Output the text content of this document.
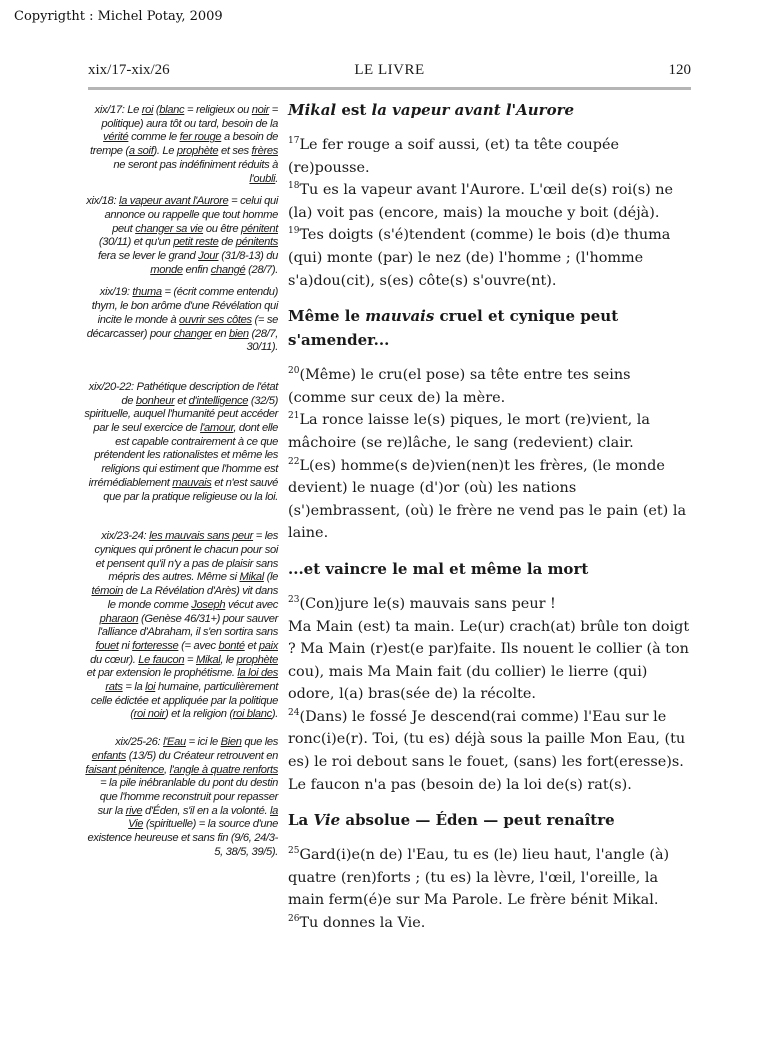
Copyrigtht : Michel Potay, 2009
xix/17-xix/26	LE LIVRE	120
xix/17: Le roi (blanc = religieux ou noir = politique) aura tôt ou tard, besoin de la vérité comme le fer rouge a besoin de trempe (a soif). Le prophète et ses frères ne seront pas indéfiniment réduits à l'oubli.
xix/18: la vapeur avant l'Aurore = celui qui annonce ou rappelle que tout homme peut changer sa vie ou être pénitent (30/11) et qu'un petit reste de pénitents fera se lever le grand Jour (31/8-13) du monde enfin changé (28/7).
xix/19: thuma = (écrit comme entendu) thym, le bon arôme d'une Révélation qui incite le monde à ouvrir ses côtes (= se décarcasser) pour changer en bien (28/7, 30/11).
xix/20-22: Pathétique description de l'état de bonheur et d'intelligence (32/5) spirituelle, auquel l'humanité peut accéder par le seul exercice de l'amour, dont elle est capable contrairement à ce que prétendent les rationalistes et même les religions qui estiment que l'homme est irrémédiablement mauvais et n'est sauvé que par la pratique religieuse ou la loi.
xix/23-24: les mauvais sans peur = les cyniques qui prônent le chacun pour soi et pensent qu'il n'y a pas de plaisir sans mépris des autres. Même si Mikal (le témoin de La Révélation d'Arès) vit dans le monde comme Joseph vécut avec pharaon (Genèse 46/31+) pour sauver l'alliance d'Abraham, il s'en sortira sans fouet ni forteresse (= avec bonté et paix du cœur). Le faucon = Mikal, le prophète et par extension le prophétisme. la loi des rats = la loi humaine, particulièrement celle édictée et appliquée par la politique (roi noir) et la religion (roi blanc).
xix/25-26: l'Eau = ici le Bien que les enfants (13/5) du Créateur retrouvent en faisant pénitence, l'angle à quatre renforts = la pile inébranlable du pont du destin que l'homme reconstruit pour repasser sur la rive d'Éden, s'il en a la volonté. la Vie (spirituelle) = la source d'une existence heureuse et sans fin (9/6, 24/3-5, 38/5, 39/5).
Mikal est la vapeur avant l'Aurore

$^{17}$Le fer rouge a soif aussi, (et) ta tête coupée (re)pousse.

$^{18}$Tu es la vapeur avant l'Aurore. L'œil de(s) roi(s) ne (la) voit pas (encore, mais) la mouche y boit (déjà).

$^{19}$Tes doigts (s'é)tendent (comme) le bois (d)e thuma (qui) monte (par) le nez (de) l'homme ; (l'homme s'a)dou(cit), s(es) côte(s) s'ouvre(nt).

Même le mauvais cruel et cynique peut s'amender...

$^{20}$(Même) le cru(el pose) sa tête entre tes seins (comme sur ceux de) la mère.

$^{21}$La ronce laisse le(s) piques, le mort (re)vient, la mâchoire (se re)lâche, le sang (redevient) clair.

$^{22}$L(es) homme(s de)vien(nen)t les frères, (le monde devient) le nuage (d')or (où) les nations (s')embrassent, (où) le frère ne vend pas le pain (et) la laine.

...et vaincre le mal et même la mort

$^{23}$(Con)jure le(s) mauvais sans peur !

Ma Main (est) ta main. Le(ur) crach(at) brûle ton doigt ? Ma Main (r)est(e par)faite. Ils nouent le collier (à ton cou), mais Ma Main fait (du collier) le lierre (qui) odore, l(a) bras(sée de) la récolte.

$^{24}$(Dans) le fossé Je descend(rai comme) l'Eau sur le ronc(i)e(r). Toi, (tu es) déjà sous la paille Mon Eau, (tu es) le roi debout sans le fouet, (sans) les fort(eresse)s.

Le faucon n'a pas (besoin de) la loi de(s) rat(s).

La Vie absolue — Éden — peut renaître

$^{25}$Gard(i)e(n de) l'Eau, tu es (le) lieu haut, l'angle (à) quatre (ren)forts ; (tu es) la lèvre, l'œil, l'oreille, la main ferm(é)e sur Ma Parole. Le frère bénit Mikal.

$^{26}$Tu donnes la Vie.
